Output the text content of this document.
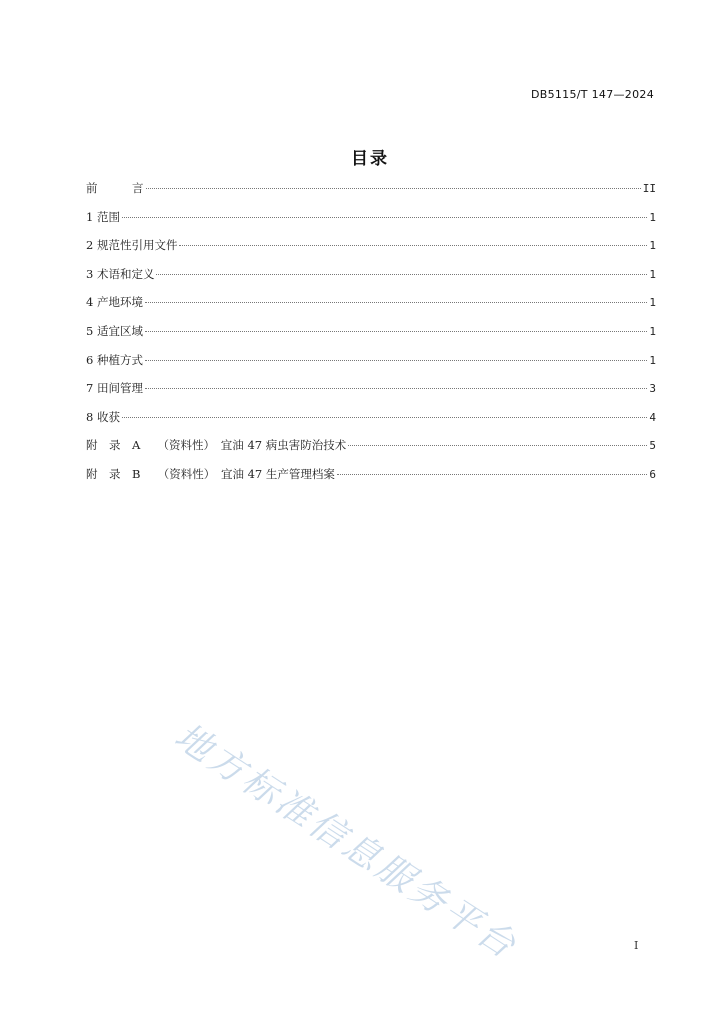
DB5115/T 147—2024
目录
前　　　言	II
1 范围	1
2 规范性引用文件	1
3 术语和定义	1
4 产地环境	1
5 适宜区域	1
6 种植方式	1
7 田间管理	3
8 收获	4
附　录　A　　（资料性）　宜油 47 病虫害防治技术	5
附　录　B　　（资料性）　宜油 47 生产管理档案	6
地方标准信息服务平台	I
